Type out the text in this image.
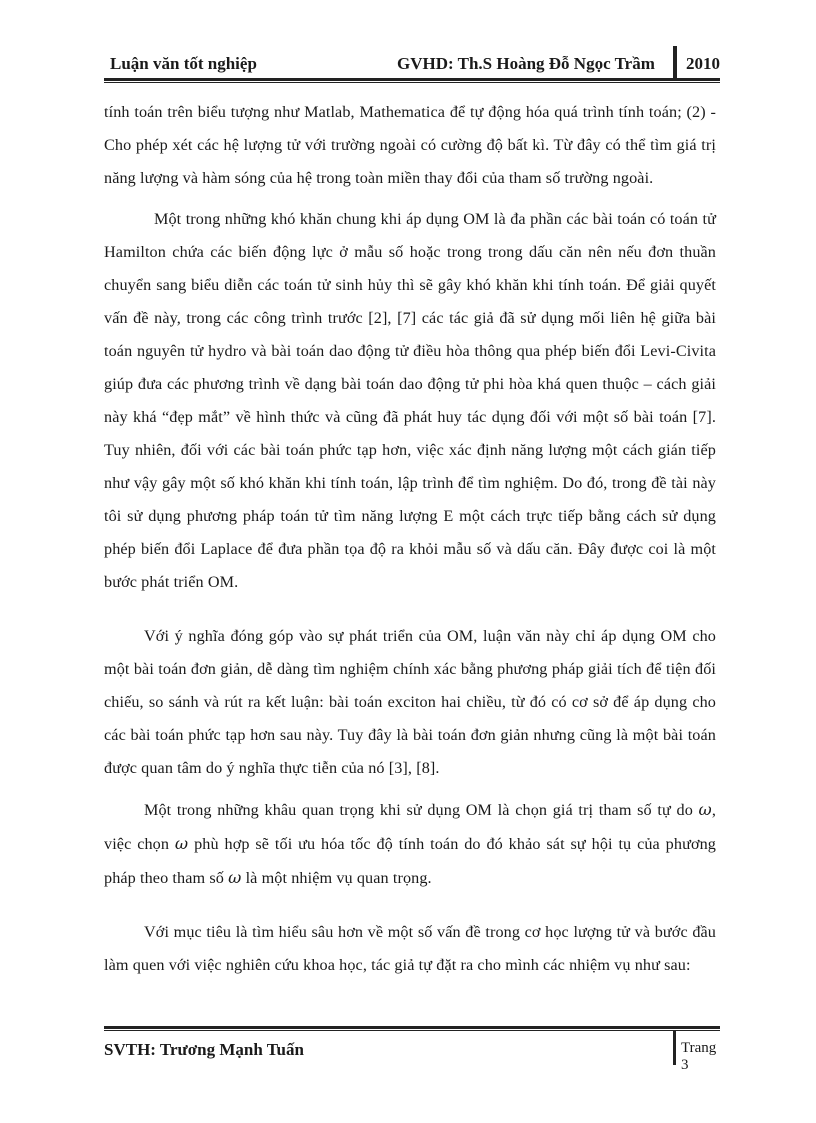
Luận văn tốt nghiệp	GVHD: Th.S Hoàng Đỗ Ngọc Trầm 2010

tính toán trên biểu tượng như Matlab, Mathematica để tự động hóa quá trình tính toán; (2) - Cho phép xét các hệ lượng tử với trường ngoài có cường độ bất kì. Từ đây có thể tìm giá trị năng lượng và hàm sóng của hệ trong toàn miền thay đổi của tham số trường ngoài.

Một trong những khó khăn chung khi áp dụng OM là đa phần các bài toán có toán tử Hamilton chứa các biến động lực ở mẫu số hoặc trong trong dấu căn nên nếu đơn thuần chuyển sang biểu diễn các toán tử sinh hủy thì sẽ gây khó khăn khi tính toán. Để giải quyết vấn đề này, trong các công trình trước [2], [7] các tác giả đã sử dụng mối liên hệ giữa bài toán nguyên tử hydro và bài toán dao động tử điều hòa thông qua phép biến đổi Levi-Civita giúp đưa các phương trình về dạng bài toán dao động tử phi hòa khá quen thuộc – cách giải này khá “đẹp mắt” về hình thức và cũng đã phát huy tác dụng đối với một số bài toán [7]. Tuy nhiên, đối với các bài toán phức tạp hơn, việc xác định năng lượng một cách gián tiếp như vậy gây một số khó khăn khi tính toán, lập trình để tìm nghiệm. Do đó, trong đề tài này tôi sử dụng phương pháp toán tử tìm năng lượng E một cách trực tiếp bằng cách sử dụng phép biến đổi Laplace để đưa phần tọa độ ra khỏi mẫu số và dấu căn. Đây được coi là một bước phát triển OM.

Với ý nghĩa đóng góp vào sự phát triển của OM, luận văn này chỉ áp dụng OM cho một bài toán đơn giản, dễ dàng tìm nghiệm chính xác bằng phương pháp giải tích để tiện đối chiếu, so sánh và rút ra kết luận: bài toán exciton hai chiều, từ đó có cơ sở để áp dụng cho các bài toán phức tạp hơn sau này. Tuy đây là bài toán đơn giản nhưng cũng là một bài toán được quan tâm do ý nghĩa thực tiễn của nó [3], [8].

Một trong những khâu quan trọng khi sử dụng OM là chọn giá trị tham số tự do ω, việc chọn ω phù hợp sẽ tối ưu hóa tốc độ tính toán do đó khảo sát sự hội tụ của phương pháp theo tham số ω là một nhiệm vụ quan trọng.

Với mục tiêu là tìm hiểu sâu hơn về một số vấn đề trong cơ học lượng tử và bước đầu làm quen với việc nghiên cứu khoa học, tác giả tự đặt ra cho mình các nhiệm vụ như sau:

SVTH: Trương Mạnh Tuấn	Trang 3
